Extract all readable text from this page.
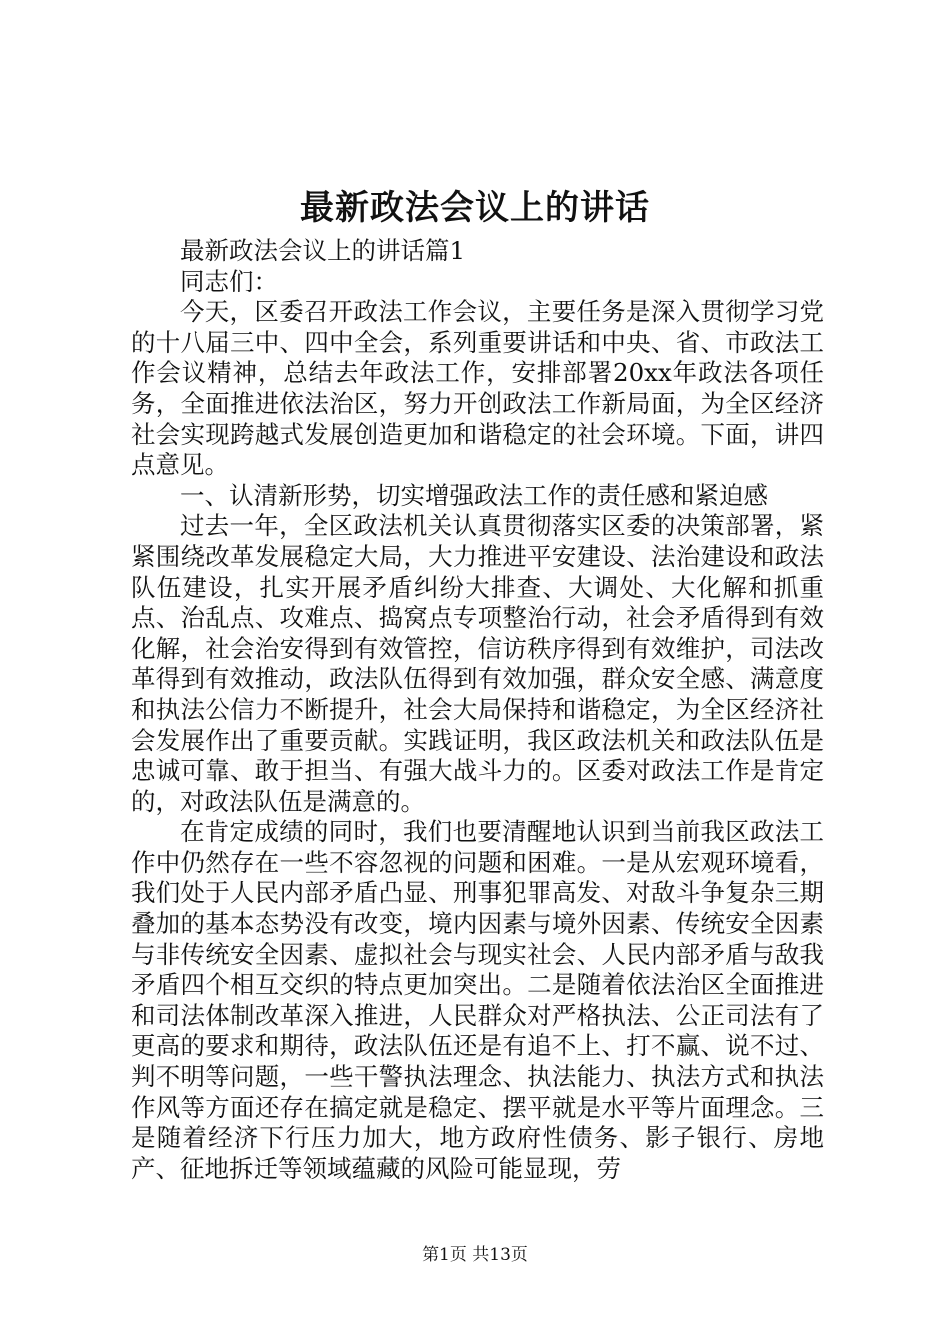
最新政法会议上的讲话

最新政法会议上的讲话篇1

同志们：

今天，区委召开政法工作会议，主要任务是深入贯彻学习党的十八届三中、四中全会，系列重要讲话和中央、省、市政法工作会议精神，总结去年政法工作，安排部署20xx年政法各项任务，全面推进依法治区，努力开创政法工作新局面，为全区经济社会实现跨越式发展创造更加和谐稳定的社会环境。下面，讲四点意见。

一、认清新形势，切实增强政法工作的责任感和紧迫感

过去一年，全区政法机关认真贯彻落实区委的决策部署，紧紧围绕改革发展稳定大局，大力推进平安建设、法治建设和政法队伍建设，扎实开展矛盾纠纷大排查、大调处、大化解和抓重点、治乱点、攻难点、捣窝点专项整治行动，社会矛盾得到有效化解，社会治安得到有效管控，信访秩序得到有效维护，司法改革得到有效推动，政法队伍得到有效加强，群众安全感、满意度和执法公信力不断提升，社会大局保持和谐稳定，为全区经济社会发展作出了重要贡献。实践证明，我区政法机关和政法队伍是忠诚可靠、敢于担当、有强大战斗力的。区委对政法工作是肯定的，对政法队伍是满意的。

在肯定成绩的同时，我们也要清醒地认识到当前我区政法工作中仍然存在一些不容忽视的问题和困难。一是从宏观环境看，我们处于人民内部矛盾凸显、刑事犯罪高发、对敌斗争复杂三期叠加的基本态势没有改变，境内因素与境外因素、传统安全因素与非传统安全因素、虚拟社会与现实社会、人民内部矛盾与敌我矛盾四个相互交织的特点更加突出。二是随着依法治区全面推进和司法体制改革深入推进，人民群众对严格执法、公正司法有了更高的要求和期待，政法队伍还是有追不上、打不赢、说不过、判不明等问题，一些干警执法理念、执法能力、执法方式和执法作风等方面还存在搞定就是稳定、摆平就是水平等片面理念。三是随着经济下行压力加大，地方政府性债务、影子银行、房地产、征地拆迁等领域蕴藏的风险可能显现，劳

第1页 共13页
